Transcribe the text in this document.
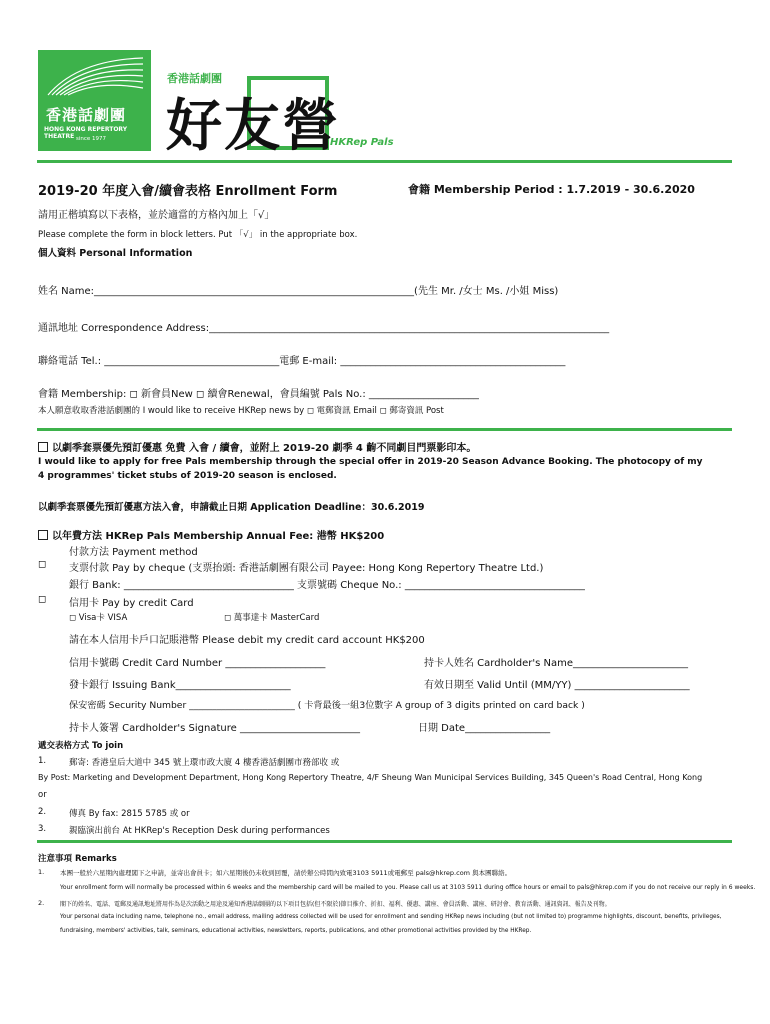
香港話劇團
HONG KONG REPERTORY THEATRE since 1977
香港話劇團
好友營
HKRep Pals
2019-20 年度入會/續會表格 Enrollment Form	會籍 Membership Period : 1.7.2019 - 30.6.2020
請用正楷填寫以下表格，並於適當的方格內加上「√」
Please complete the form in block letters. Put 「√」 in the appropriate box.
個人資料 Personal Information
姓名 Name:________________________________________________________________(先生 Mr. /女士 Ms. /小姐 Miss)
通訊地址 Correspondence Address:________________________________________________________________________________
聯絡電話 Tel.: ___________________________________電郵 E-mail: _____________________________________________
會籍 Membership: ◻ 新會員New ◻ 續會Renewal，會員編號 Pals No.: ______________________
本人願意收取香港話劇團的 I would like to receive HKRep news by ◻ 電郵資訊 Email ◻ 郵寄資訊 Post
以劇季套票優先預訂優惠 免費 入會 / 續會，並附上 2019-20 劇季 4 齣不同劇目門票影印本。
I would like to apply for free Pals membership through the special offer in 2019-20 Season Advance Booking. The photocopy of my
4 programmes' ticket stubs of 2019-20 season is enclosed.
以劇季套票優先預訂優惠方法入會，申請截止日期 Application Deadline：30.6.2019
以年費方法 HKRep Pals Membership Annual Fee: 港幣 HK$200
付款方法 Payment method
◻ 支票付款 Pay by cheque (支票抬頭: 香港話劇團有限公司 Payee: Hong Kong Repertory Theatre Ltd.)
銀行 Bank: __________________________________ 支票號碼 Cheque No.: ____________________________________
◻ 信用卡 Pay by credit Card
◻ Visa卡 VISA	◻ 萬事達卡 MasterCard
請在本人信用卡戶口記賬港幣 Please debit my credit card account HK$200
信用卡號碼 Credit Card Number ____________________	持卡人姓名 Cardholder's Name_______________________
發卡銀行 Issuing Bank_______________________	有效日期至 Valid Until (MM/YY) _______________________
保安密碼 Security Number _______________________ ( 卡背最後一組3位數字 A group of 3 digits printed on card back )
持卡人簽署 Cardholder's Signature ________________________	日期 Date_________________
遞交表格方式 To join
1.	郵寄: 香港皇后大道中 345 號上環市政大廈 4 樓香港話劇團市務部收 或
By Post: Marketing and Development Department, Hong Kong Repertory Theatre, 4/F Sheung Wan Municipal Services Building, 345 Queen's Road Central, Hong Kong
or
2.	傳真 By fax: 2815 5785 或 or
3.	親臨演出前台 At HKRep's Reception Desk during performances
注意事項 Remarks
1. 本團一般於六星期內處理閣下之申請，並寄出會員卡；如六星期後仍未收到回覆，請於辦公時間內致電3103 5911或電郵至 pals@hkrep.com 與本團聯絡。
Your enrollment form will normally be processed within 6 weeks and the membership card will be mailed to you. Please call us at 3103 5911 during office hours or email to pals@hkrep.com if you do not receive our reply in 6 weeks.
2.	閣下的姓名、電話、電郵及通訊地址將用作為是次活動之用途及通知香港話劇團的以下項目包括(但不限於)節目推介、折扣、福利、優惠、講座、會員活動、講座、研討會、教育活動、通訊資訊、報告及刊物。
Your personal data including name, telephone no., email address, mailing address collected will be used for enrollment and sending HKRep news including (but not limited to) programme highlights, discount, benefits, privileges,
fundraising, members' activities, talk, seminars, educational activities, newsletters, reports, publications, and other promotional activities provided by the HKRep.
